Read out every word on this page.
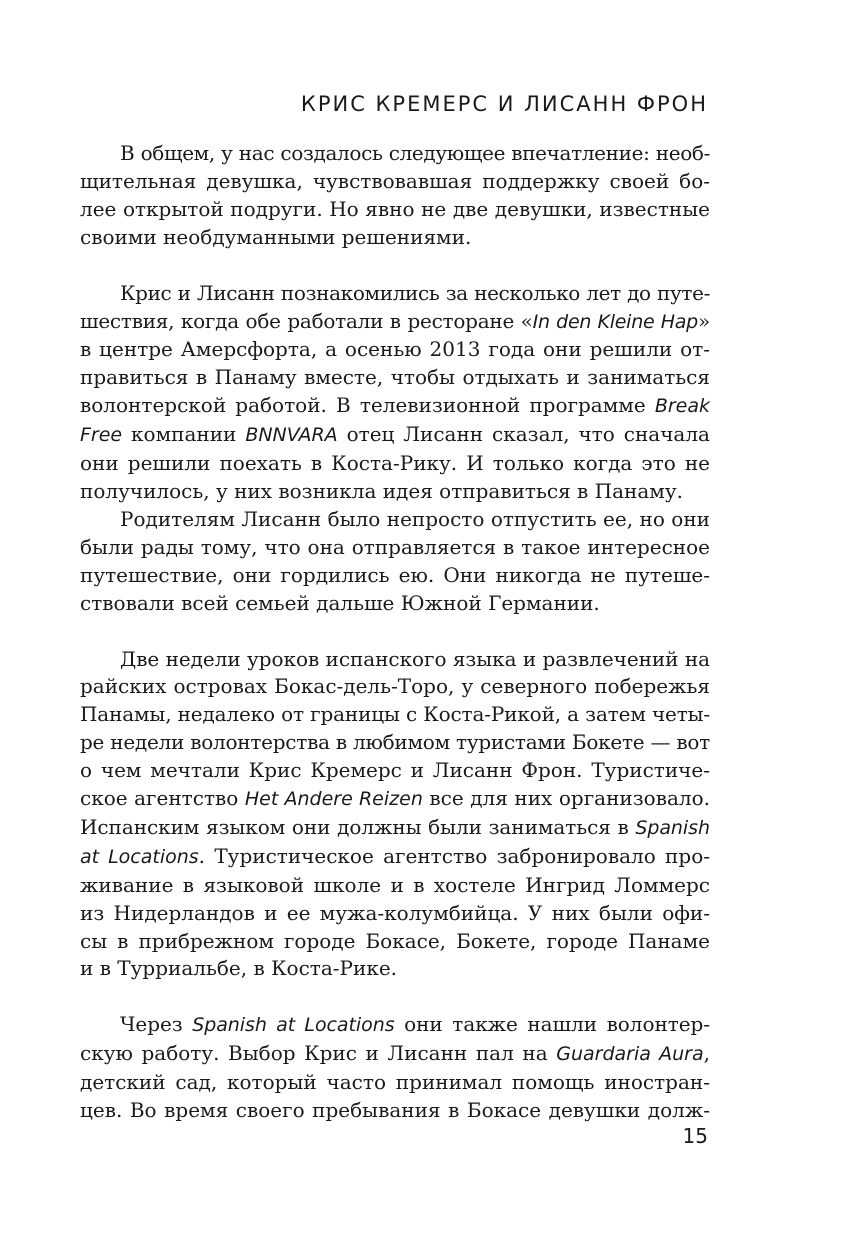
КРИС КРЕМЕРС И ЛИСАНН ФРОН
В общем, у нас создалось следующее впечатление: необ-
щительная девушка, чувствовавшая поддержку своей бо-
лее открытой подруги. Но явно не две девушки, известные
своими необдуманными решениями.
Крис и Лисанн познакомились за несколько лет до путе-
шествия, когда обе работали в ресторане «In den Kleine Hap»
в центре Амерсфорта, а осенью 2013 года они решили от-
правиться в Панаму вместе, чтобы отдыхать и заниматься
волонтерской работой. В телевизионной программе Break
Free компании BNNVARA отец Лисанн сказал, что сначала
они решили поехать в Коста-Рику. И только когда это не
получилось, у них возникла идея отправиться в Панаму.
Родителям Лисанн было непросто отпустить ее, но они
были рады тому, что она отправляется в такое интересное
путешествие, они гордились ею. Они никогда не путеше-
ствовали всей семьей дальше Южной Германии.
Две недели уроков испанского языка и развлечений на
райских островах Бокас-дель-Торо, у северного побережья
Панамы, недалеко от границы с Коста-Рикой, а затем четы-
ре недели волонтерства в любимом туристами Бокете — вот
о чем мечтали Крис Кремерс и Лисанн Фрон. Туристиче-
ское агентство Het Andere Reizen все для них организовало.
Испанским языком они должны были заниматься в Spanish
at Locations. Туристическое агентство забронировало про-
живание в языковой школе и в хостеле Ингрид Ломмерс
из Нидерландов и ее мужа-колумбийца. У них были офи-
сы в прибрежном городе Бокасе, Бокете, городе Панаме
и в Турриальбе, в Коста-Рике.
Через Spanish at Locations они также нашли волонтер-
скую работу. Выбор Крис и Лисанн пал на Guardaria Aura,
детский сад, который часто принимал помощь иностран-
цев. Во время своего пребывания в Бокасе девушки долж-
15
